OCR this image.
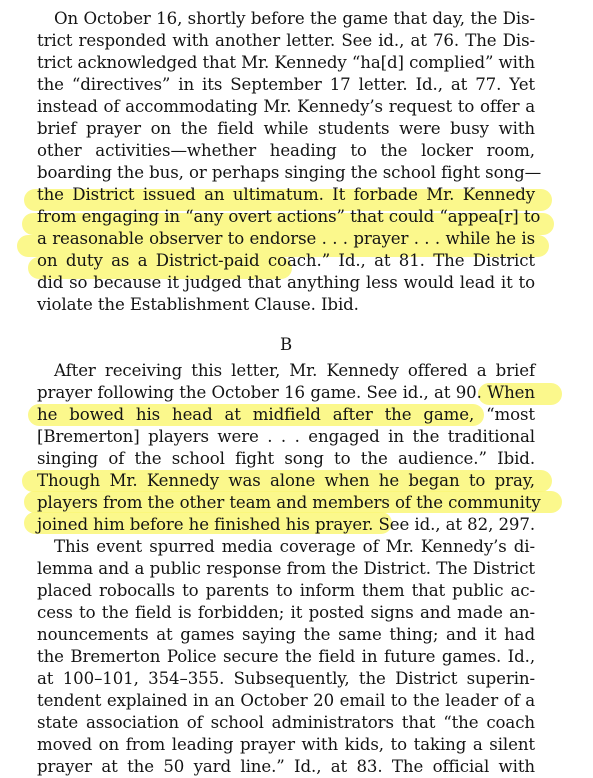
On October 16, shortly before the game that day, the Dis-
trict responded with another letter. See id., at 76. The Dis-
trict acknowledged that Mr. Kennedy “ha[d] complied” with
the “directives” in its September 17 letter. Id., at 77. Yet
instead of accommodating Mr. Kennedy’s request to offer a
brief prayer on the field while students were busy with
other activities—whether heading to the locker room,
boarding the bus, or perhaps singing the school fight song—
the District issued an ultimatum. It forbade Mr. Kennedy
from engaging in “any overt actions” that could “appea[r] to
a reasonable observer to endorse . . . prayer . . . while he is
on duty as a District-paid coach.” Id., at 81. The District
did so because it judged that anything less would lead it to
violate the Establishment Clause. Ibid.
B
After receiving this letter, Mr. Kennedy offered a brief
prayer following the October 16 game. See id., at 90. When
he bowed his head at midfield after the game, “most
[Bremerton] players were . . . engaged in the traditional
singing of the school fight song to the audience.” Ibid.
Though Mr. Kennedy was alone when he began to pray,
players from the other team and members of the community
joined him before he finished his prayer. See id., at 82, 297.
This event spurred media coverage of Mr. Kennedy’s di-
lemma and a public response from the District. The District
placed robocalls to parents to inform them that public ac-
cess to the field is forbidden; it posted signs and made an-
nouncements at games saying the same thing; and it had
the Bremerton Police secure the field in future games. Id.,
at 100–101, 354–355. Subsequently, the District superin-
tendent explained in an October 20 email to the leader of a
state association of school administrators that “the coach
moved on from leading prayer with kids, to taking a silent
prayer at the 50 yard line.” Id., at 83. The official with
